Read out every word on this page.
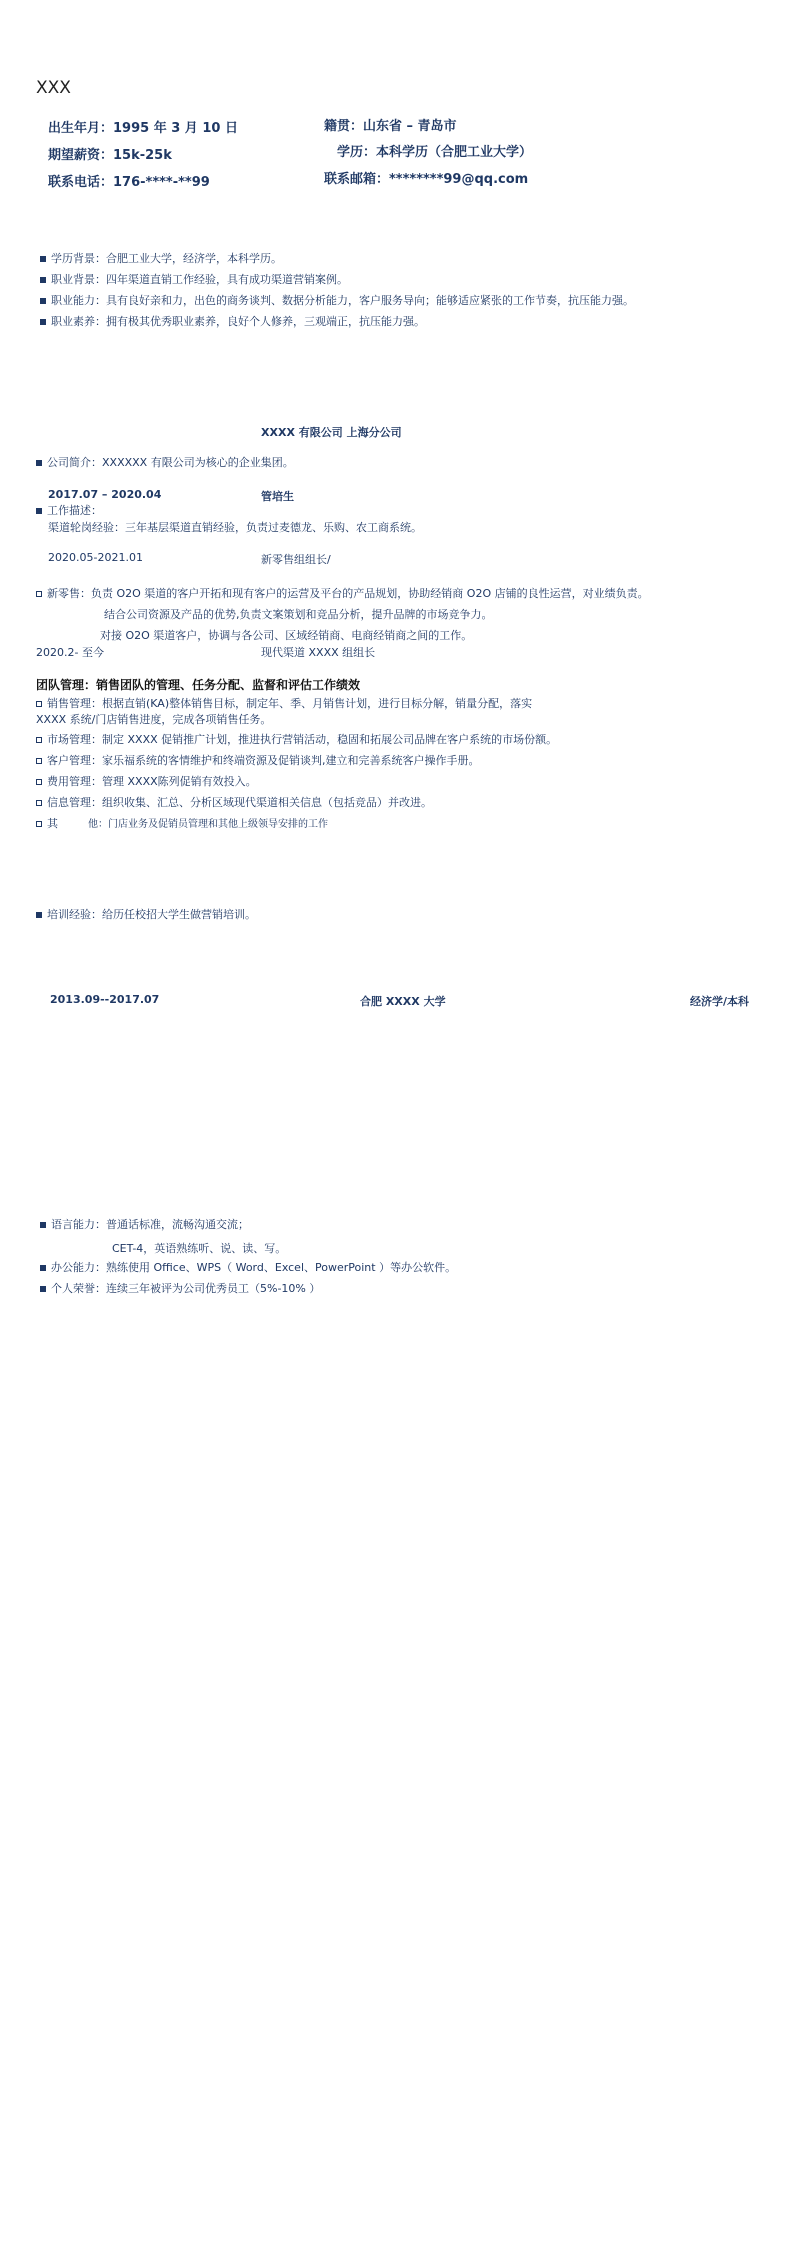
XXX
出生年月：1995 年 3 月 10 日	籍贯：山东省 – 青岛市
期望薪资：15k-25k	学历：本科学历（合肥工业大学）
联系电话：176-****-**99	联系邮箱：********99@qq.com
学历背景：合肥工业大学，经济学，本科学历。
职业背景：四年渠道直销工作经验，具有成功渠道营销案例。
职业能力：具有良好亲和力，出色的商务谈判、数据分析能力，客户服务导向；能够适应紧张的工作节奏，抗压能力强。
职业素养：拥有极其优秀职业素养，良好个人修养，三观端正，抗压能力强。
XXXX 有限公司 上海分公司
公司简介：XXXXXX 有限公司为核心的企业集团。
2017.07 – 2020.04	管培生
工作描述：
渠道轮岗经验：三年基层渠道直销经验，负责过麦德龙、乐购、农工商系统。
2020.05-2021.01	新零售组组长/
新零售：负责 O2O 渠道的客户开拓和现有客户的运营及平台的产品规划，协助经销商 O2O 店铺的良性运营，对业绩负责。
结合公司资源及产品的优势,负责文案策划和竞品分析，提升品牌的市场竞争力。
对接 O2O 渠道客户，协调与各公司、区域经销商、电商经销商之间的工作。
2020.2- 至今	现代渠道 XXXX 组组长
团队管理：销售团队的管理、任务分配、监督和评估工作绩效
销售管理：根据直销(KA)整体销售目标，制定年、季、月销售计划，进行目标分解，销量分配，落实
XXXX 系统/门店销售进度，完成各项销售任务。
市场管理：制定 XXXX 促销推广计划，推进执行营销活动，稳固和拓展公司品牌在客户系统的市场份额。
客户管理：家乐福系统的客情维护和终端资源及促销谈判,建立和完善系统客户操作手册。
费用管理：管理 XXXX陈列促销有效投入。
信息管理：组织收集、汇总、分析区域现代渠道相关信息（包括竞品）并改进。
其	他：门店业务及促销员管理和其他上级领导安排的工作
培训经验：给历任校招大学生做营销培训。
2013.09--2017.07	合肥 XXXX 大学	经济学/本科
语言能力：普通话标准，流畅沟通交流；
CET-4，英语熟练听、说、读、写。
办公能力：熟练使用 Office、WPS（ Word、Excel、PowerPoint ）等办公软件。
个人荣誉：连续三年被评为公司优秀员工（5%-10% ）
